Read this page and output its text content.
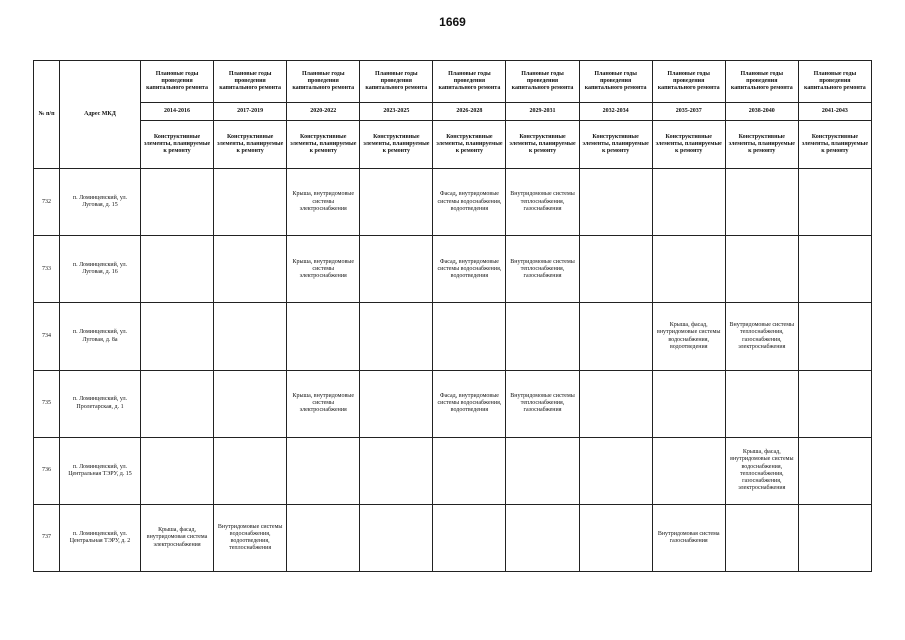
1669
№ п/п	Адрес МКД	Плановые годы проведения капитального ремонта	Плановые годы проведения капитального ремонта	Плановые годы проведения капитального ремонта	Плановые годы проведения капитального ремонта	Плановые годы проведения капитального ремонта	Плановые годы проведения капитального ремонта	Плановые годы проведения капитального ремонта	Плановые годы проведения капитального ремонта	Плановые годы проведения капитального ремонта	Плановые годы проведения капитального ремонта
		2014-2016	2017-2019	2020-2022	2023-2025	2026-2028	2029-2031	2032-2034	2035-2037	2038-2040	2041-2043
		Конструктивные элементы, планируемые к ремонту	Конструктивные элементы, планируемые к ремонту	Конструктивные элементы, планируемые к ремонту	Конструктивные элементы, планируемые к ремонту	Конструктивные элементы, планируемые к ремонту	Конструктивные элементы, планируемые к ремонту	Конструктивные элементы, планируемые к ремонту	Конструктивные элементы, планируемые к ремонту	Конструктивные элементы, планируемые к ремонту	Конструктивные элементы, планируемые к ремонту
732	п. Ломинцевский, ул. Луговая, д. 15			Крыша, внутридомовые системы электроснабжения		Фасад, внутридомовые системы водоснабжения, водоотведения	Внутридомовые системы теплоснабжения, газоснабжения				
733	п. Ломинцевский, ул. Луговая, д. 16			Крыша, внутридомовые системы электроснабжения		Фасад, внутридомовые системы водоснабжения, водоотведения	Внутридомовые системы теплоснабжения, газоснабжения				
734	п. Ломинцевский, ул. Луговая, д. 8а								Крыша, фасад, внутридомовые системы водоснабжения, водоотведения	Внутридомовые системы теплоснабжения, газоснабжения, электроснабжения	
735	п. Ломинцевский, ул. Пролетарская, д. 1			Крыша, внутридомовые системы электроснабжения		Фасад, внутридомовые системы водоснабжения, водоотведения	Внутридомовые системы теплоснабжения, газоснабжения				
736	п. Ломинцевский, ул. Центральная ТЭРУ, д. 15									Крыша, фасад, внутридомовые системы водоснабжения, теплоснабжения, газоснабжения, электроснабжения	
737	п. Ломинцевский, ул. Центральная ТЭРУ, д. 2	Крыша, фасад, внутридомовая система электроснабжения	Внутридомовые системы водоснабжения, водоотведения, теплоснабжения						Внутридомовая система газоснабжения		
